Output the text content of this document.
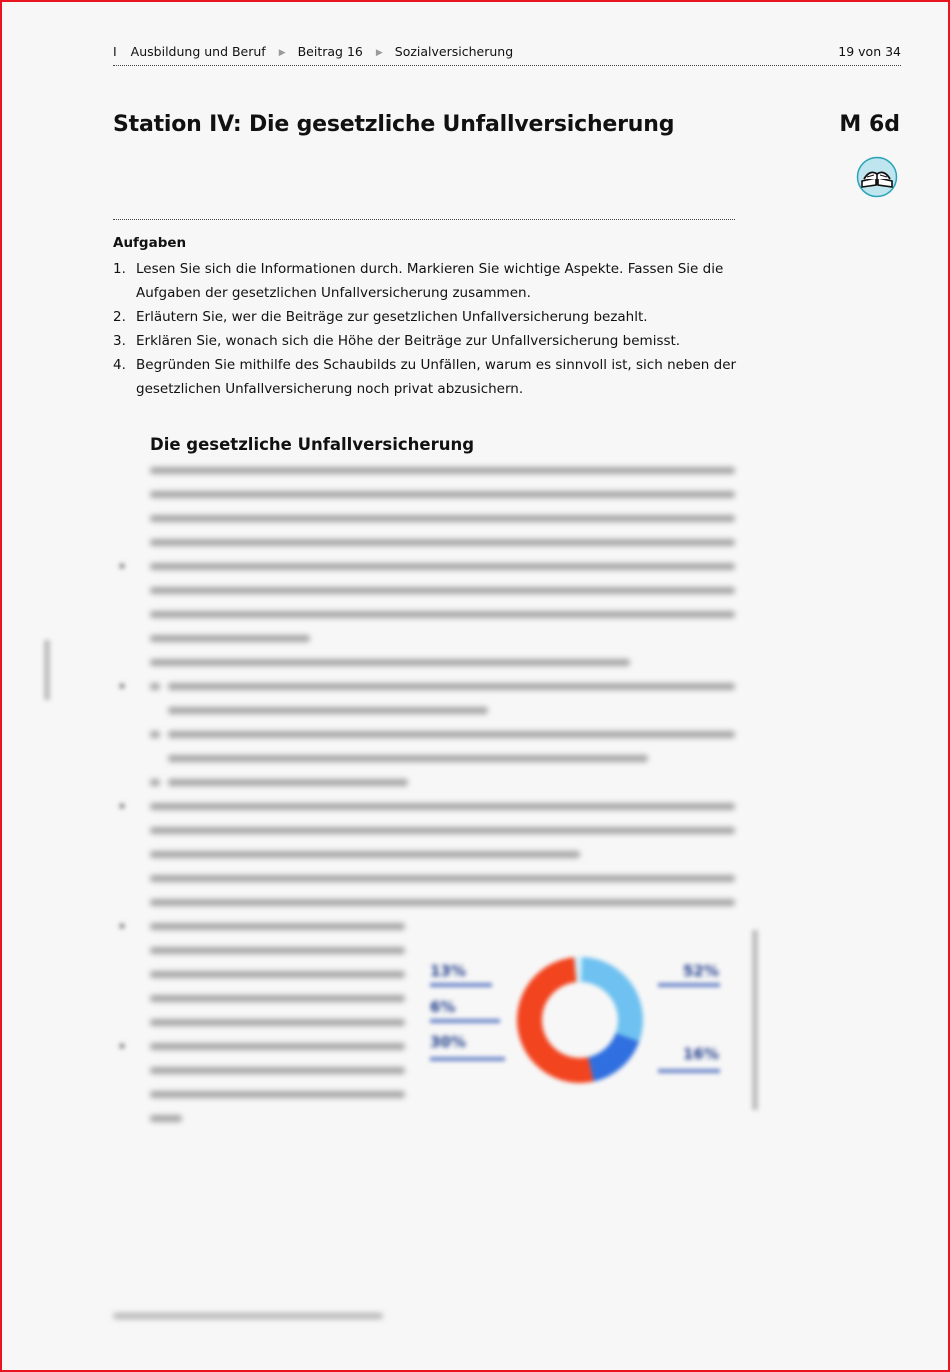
I Ausbildung und Beruf ▶ Beitrag 16 ▶ Sozialversicherung	19 von 34
Station IV: Die gesetzliche Unfallversicherung	M 6d
Aufgaben
1. Lesen Sie sich die Informationen durch. Markieren Sie wichtige Aspekte. Fassen Sie die
Aufgaben der gesetzlichen Unfallversicherung zusammen.
2. Erläutern Sie, wer die Beiträge zur gesetzlichen Unfallversicherung bezahlt.
3. Erklären Sie, wonach sich die Höhe der Beiträge zur Unfallversicherung bemisst.
4. Begründen Sie mithilfe des Schaubilds zu Unfällen, warum es sinnvoll ist, sich neben der
gesetzlichen Unfallversicherung noch privat abzusichern.
Die gesetzliche Unfallversicherung
13%
6%
30%
52%
16%
